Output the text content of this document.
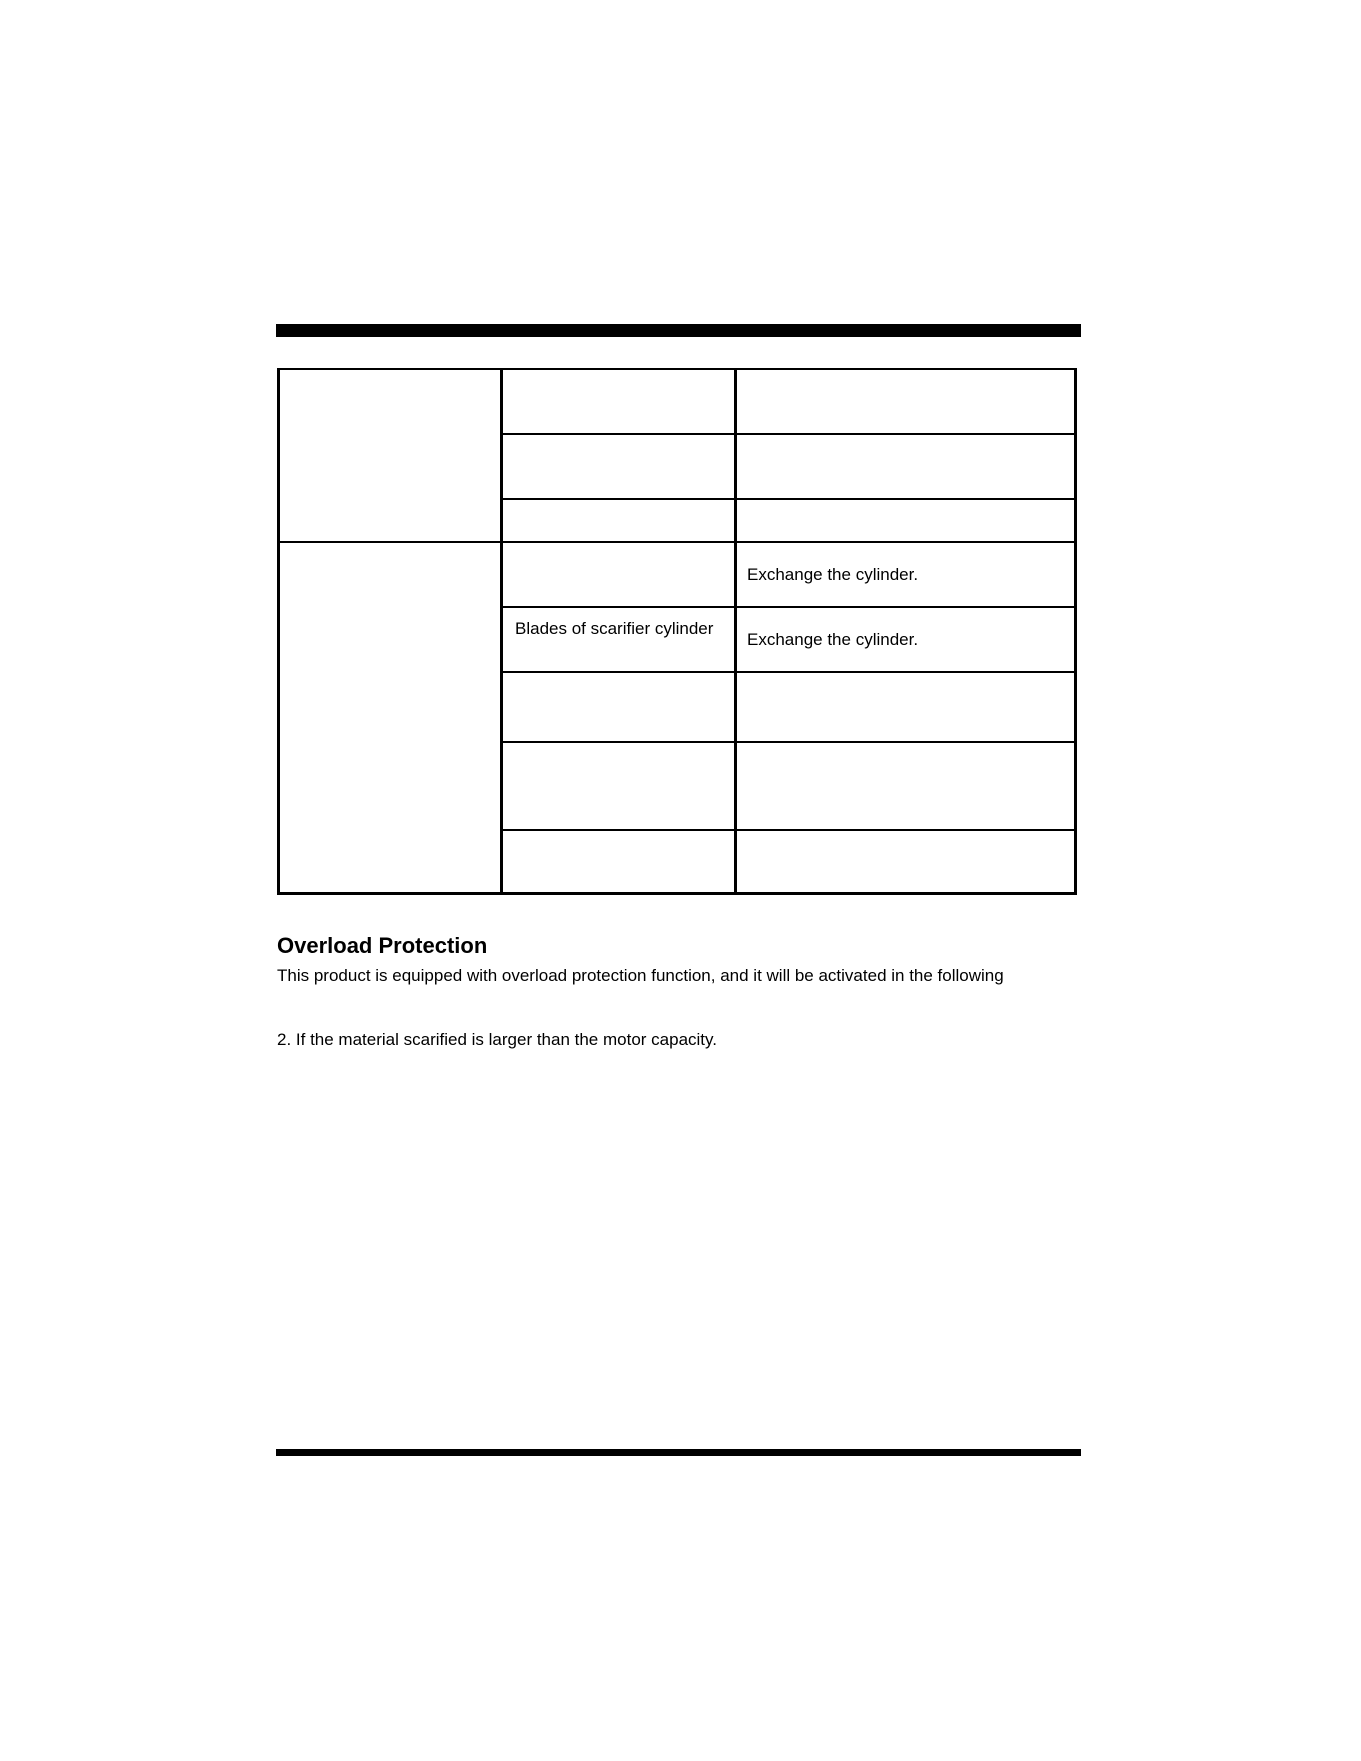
Exchange the cylinder.
Blades of scarifier cylinder
Exchange the cylinder.
Overload Protection

This product is equipped with overload protection function, and it will be activated in the following

2. If the material scarified is larger than the motor capacity.
